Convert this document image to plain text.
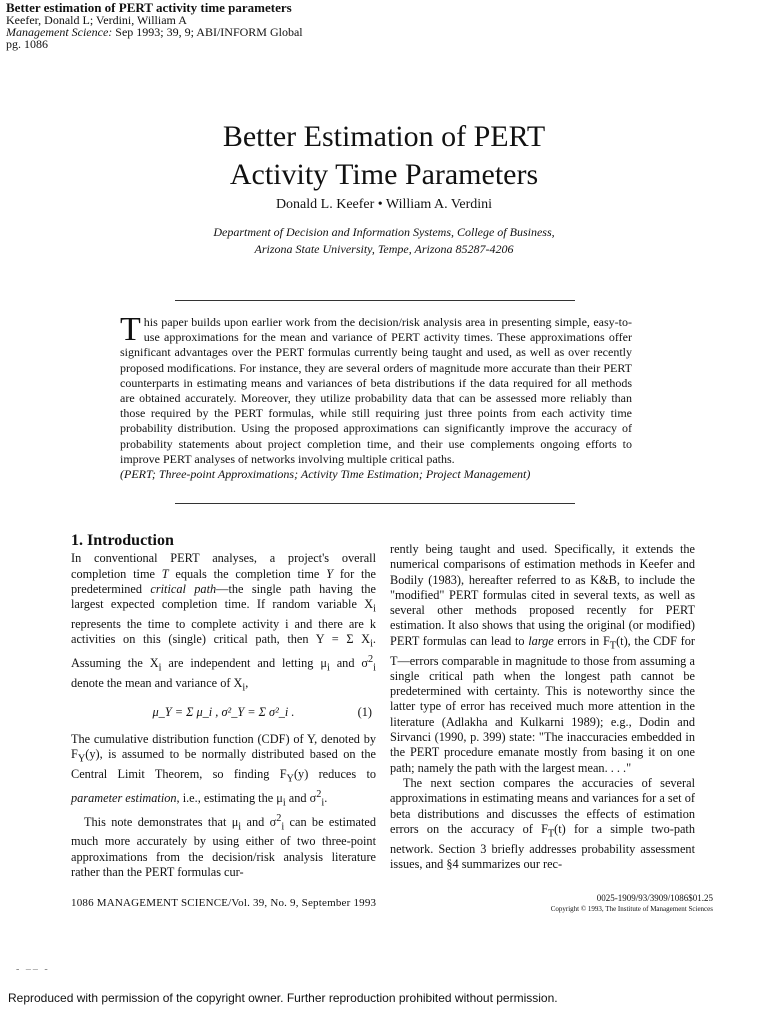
Better estimation of PERT activity time parameters
Keefer, Donald L; Verdini, William A
Management Science: Sep 1993; 39, 9; ABI/INFORM Global
pg. 1086
Better Estimation of PERT
Activity Time Parameters
Donald L. Keefer • William A. Verdini
Department of Decision and Information Systems, College of Business,
Arizona State University, Tempe, Arizona 85287-4206
This paper builds upon earlier work from the decision/risk analysis area in presenting simple, easy-to-use approximations for the mean and variance of PERT activity times. These approximations offer significant advantages over the PERT formulas currently being taught and used, as well as over recently proposed modifications. For instance, they are several orders of magnitude more accurate than their PERT counterparts in estimating means and variances of beta distributions if the data required for all methods are obtained accurately. Moreover, they utilize probability data that can be assessed more reliably than those required by the PERT formulas, while still requiring just three points from each activity time probability distribution. Using the proposed approximations can significantly improve the accuracy of probability statements about project completion time, and their use complements ongoing efforts to improve PERT analyses of networks involving multiple critical paths.
(PERT; Three-point Approximations; Activity Time Estimation; Project Management)
1. Introduction

In conventional PERT analyses, a project's overall completion time T equals the completion time Y for the predetermined critical path—the single path having the largest expected completion time. If random variable $X_i$ represents the time to complete activity i and there are k activities on this (single) critical path, then Y = Σ $X_i$. Assuming the $X_i$ are independent and letting $\mu_i$ and $\sigma^2_i$ denote the mean and variance of $X_i$,

μ_Y = Σ μ_i , σ²_Y = Σ σ²_i .	(1)

The cumulative distribution function (CDF) of Y, denoted by $F_Y(y)$, is assumed to be normally distributed based on the Central Limit Theorem, so finding $F_Y(y)$ reduces to parameter estimation, i.e., estimating the $\mu_i$ and $\sigma^2_i$.

This note demonstrates that $\mu_i$ and $\sigma^2_i$ can be estimated much more accurately by using either of two three-point approximations from the decision/risk analysis literature rather than the PERT formulas cur-

rently being taught and used. Specifically, it extends the numerical comparisons of estimation methods in Keefer and Bodily (1983), hereafter referred to as K&B, to include the "modified" PERT formulas cited in several texts, as well as several other methods proposed recently for PERT estimation. It also shows that using the original (or modified) PERT formulas can lead to large errors in $F_T(t)$, the CDF for T—errors comparable in magnitude to those from assuming a single critical path when the longest path cannot be predetermined with certainty. This is noteworthy since the latter type of error has received much more attention in the literature (Adlakha and Kulkarni 1989); e.g., Dodin and Sirvanci (1990, p. 399) state: "The inaccuracies embedded in the PERT procedure emanate mostly from basing it on one path; namely the path with the largest mean. . . ."

The next section compares the accuracies of several approximations in estimating means and variances for a set of beta distributions and discusses the effects of estimation errors on the accuracy of $F_T(t)$ for a simple two-path network. Section 3 briefly addresses probability assessment issues, and §4 summarizes our rec-

1086 MANAGEMENT SCIENCE/Vol. 39, No. 9, September 1993	0025-1909/93/3909/1086$01.25
Copyright © 1993, The Institute of Management Sciences
- ‒‒ -
Reproduced with permission of the copyright owner. Further reproduction prohibited without permission.
